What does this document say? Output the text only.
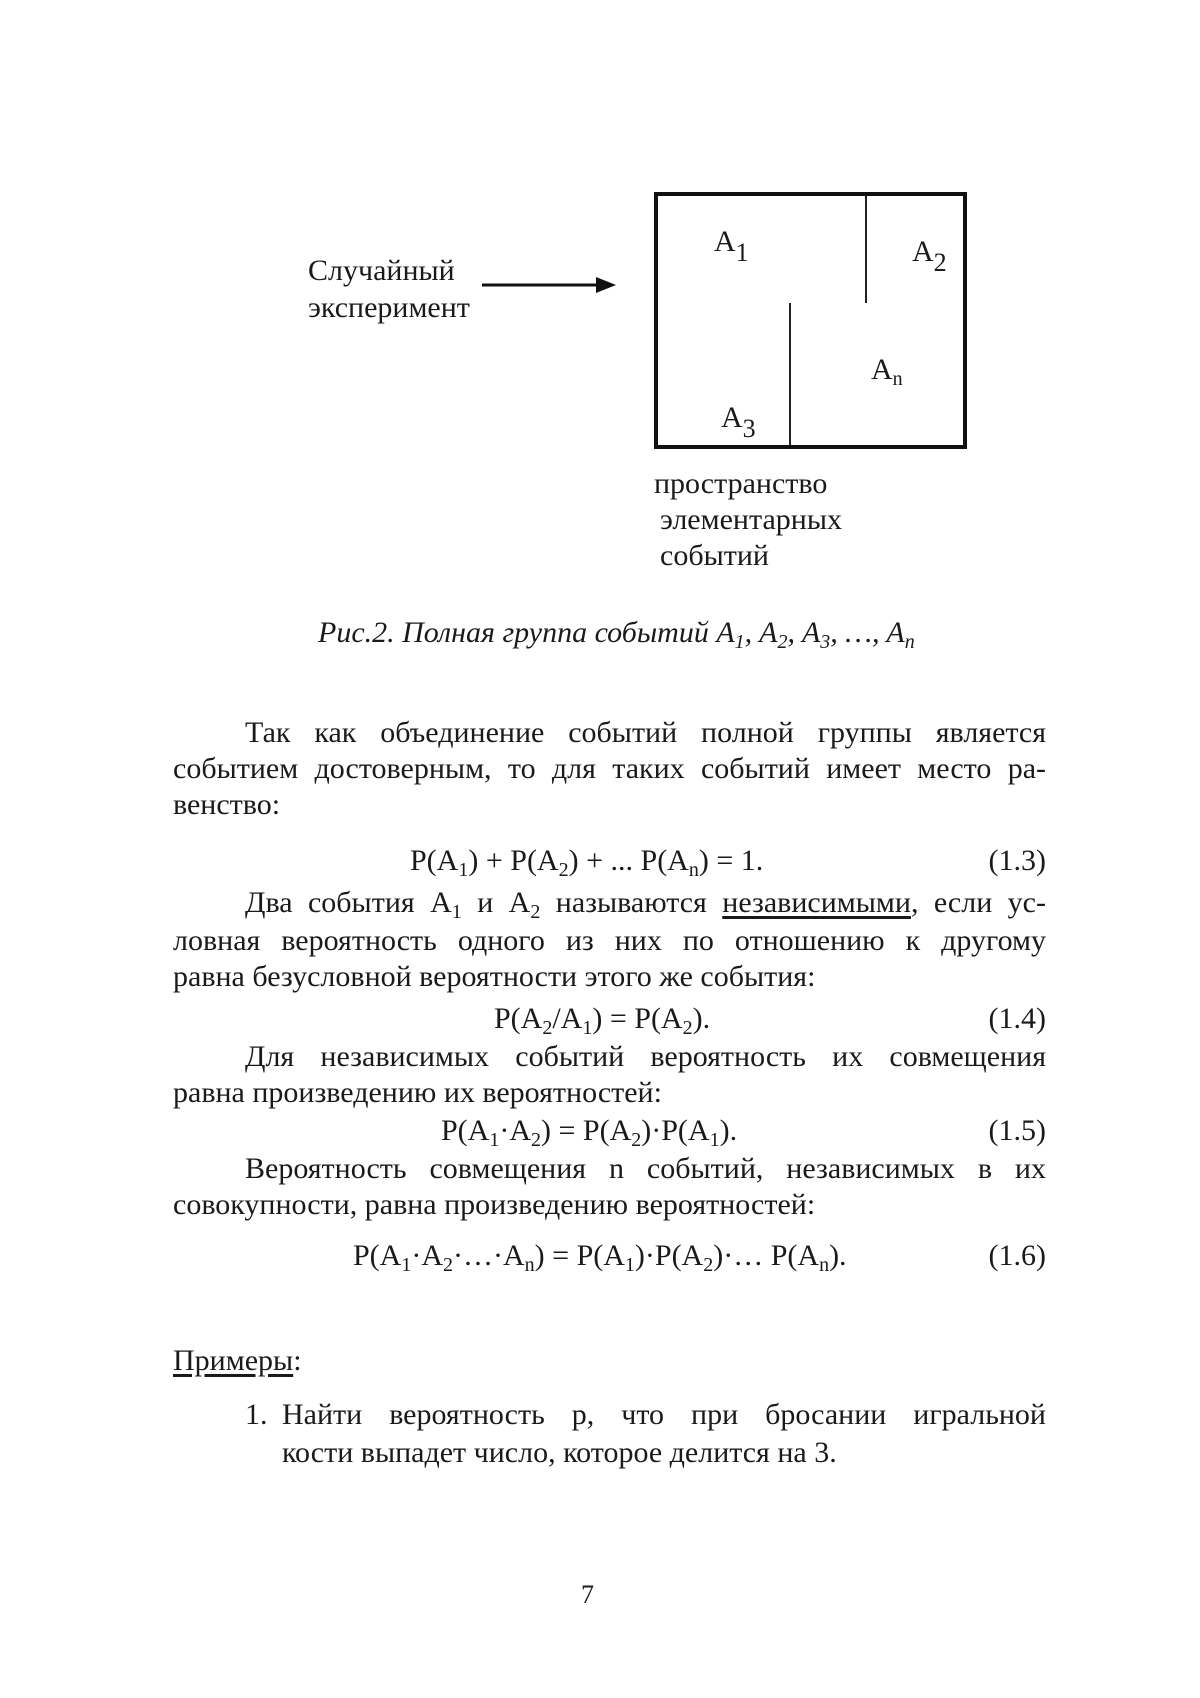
Случайный
эксперимент
A1	A2
$A_n$
A3
пространство
элементарных
событий
Рис.2. Полная группа событий $A_1$, $A_2$, $A_3$, …, $A_n$
Так как объединение событий полной группы является
событием достоверным, то для таких событий имеет место ра-
венство:
$P(A_1) + P(A_2)$ + ... $P(A_n) = 1$.	(1.3)
Два события $A_1$ и $A_2$ называются независимыми, если ус-
ловная вероятность одного из них по отношению к другому
равна безусловной вероятности этого же события:
$P(A_2/A_1) = P(A_2)$.	(1.4)
Для независимых событий вероятность их совмещения
равна произведению их вероятностей:
$P(A_1\cdot A_2) = P(A_2)\cdot P(A_1)$.	(1.5)
Вероятность совмещения n событий, независимых в их
совокупности, равна произведению вероятностей:
$P(A_1\cdot A_2\cdot\dots\cdot A_n)$ = $P(A_1)\cdot P(A_2)\cdot\dots$ $P(A_n)$.	(1.6)
Примеры:
1. Найти вероятность p, что при бросании игральной
кости выпадет число, которое делится на 3.
7
